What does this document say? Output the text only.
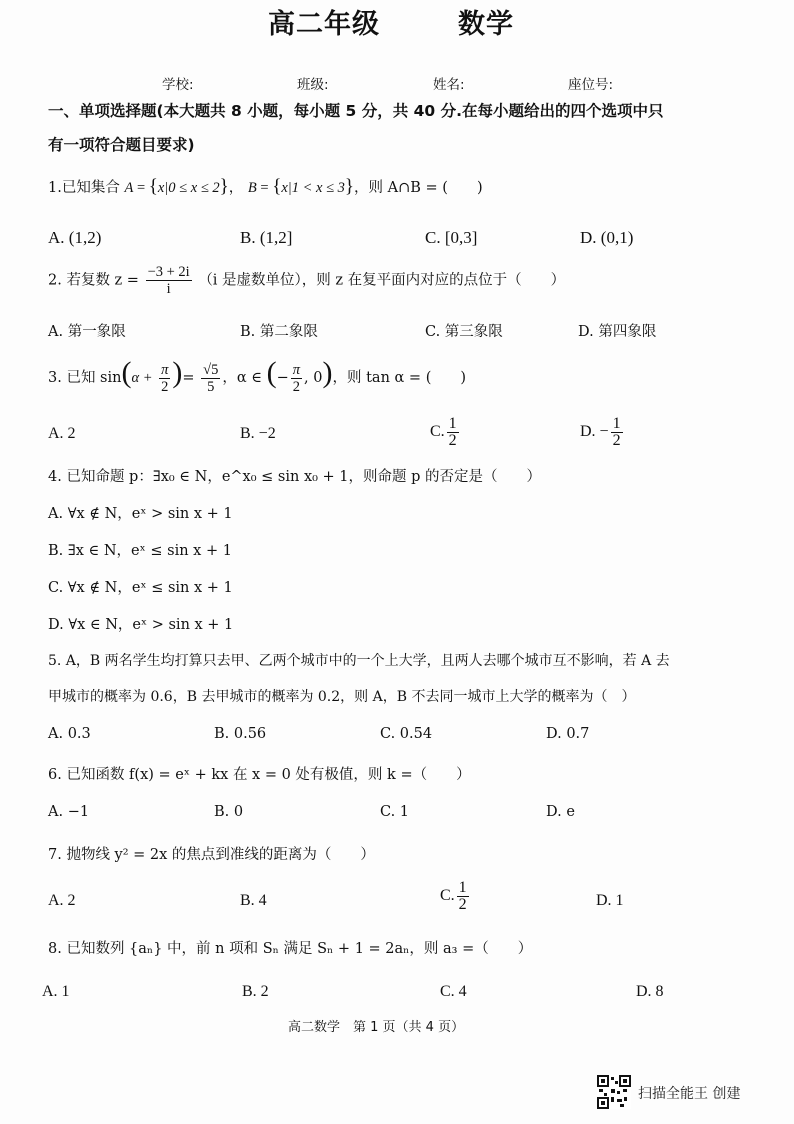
高二年级	数学
学校:	班级:	姓名:	座位号:
一、单项选择题(本大题共 8 小题，每小题 5 分，共 40 分.在每小题给出的四个选项中只
有一项符合题目要求)
1.已知集合 A = {x|0 ≤ x ≤ 2}， B = {x|1 < x ≤ 3}，则 A∩B = (　　)
A. (1,2)	B. (1,2]	C. [0,3]	D. (0,1)
2. 若复数 $z = \frac{-3 + 2i}{i} (i$ 是虚数单位），则 z 在复平面内对应的点位于（　　）
A. 第一象限	B. 第二象限	C. 第三象限	D. 第四象限
3. 已知 $\sin(\alpha + \frac{\pi}{2}$ )= $\frac{√5}{5}$ ，α ∈ (− $\frac{\pi}{2}$ , 0)，则 tan α = (　　)
A. 2	B. −2	C. $\frac{1}{2}$	D. − $\frac{1}{2}$
4. 已知命题 p：∃x₀ ∈ N，e^x₀ ≤ sin x₀ + 1，则命题 p 的否定是（　　）
A. ∀x ∉ N，eˣ > sin x + 1
B. ∃x ∈ N，eˣ ≤ sin x + 1
C. ∀x ∉ N，eˣ ≤ sin x + 1
D. ∀x ∈ N，eˣ > sin x + 1
5. A，B 两名学生均打算只去甲、乙两个城市中的一个上大学，且两人去哪个城市互不影响，若 A 去
甲城市的概率为 0.6，B 去甲城市的概率为 0.2，则 A，B 不去同一城市上大学的概率为（　）
A. 0.3	B. 0.56	C. 0.54	D. 0.7
6. 已知函数 f(x) = eˣ + kx 在 x = 0 处有极值，则 k =（　　）
A. −1	B. 0	C. 1	D. e
7. 抛物线 y² = 2x 的焦点到准线的距离为（　　）
A. 2	B. 4	C. $\frac{1}{2}$	D. 1
8. 已知数列 {aₙ} 中，前 n 项和 Sₙ 满足 Sₙ + 1 = 2aₙ，则 a₃ =（　　）
A. 1	B. 2	C. 4	D. 8
高二数学　第 1 页（共 4 页）
扫描全能王 创建
